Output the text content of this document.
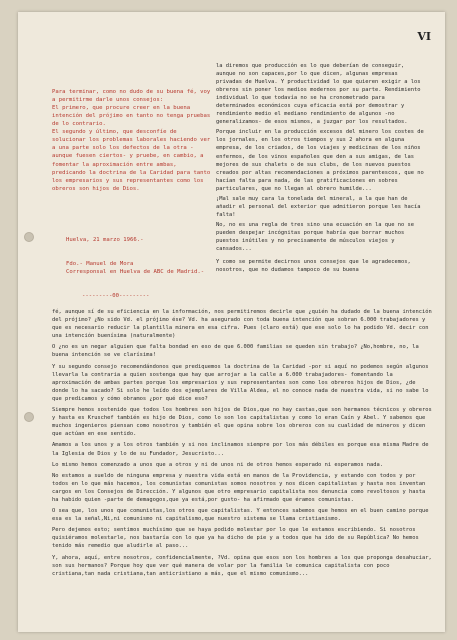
VI

Para terminar, como no dudo de su buena fé, voy a permitirme darle unos consejos:
El primero, que procure creer en la buena intención del prójimo en tanto no tenga pruebas de lo contrario.
El segundo y último, que desconfíe de solucionar los problemas laborales haciendo ver a una parte solo los defectos de la otra -aunque fuesen ciertos- y pruebe, en cambio, a fomentar la aproximación entre ambas, predicando la doctrina de la Caridad para tanto los empresarios y sus representantes como los obreros son hijos de Dios.

Huelva, 21 marzo 1966.-

Fdo.- Manuel de Mora
Corresponsal en Huelva de ABC de Madrid.-

---------00---------

la diremos que producción es lo que deberían de conseguir, aunque no son capaces,por lo que dicen, algunas empresas privadas de Huelva. Y productividad lo que quieren exigir a los obreros sin poner los medios modernos por su parte. Rendimiento individual lo que todavía no se ha cronometrado para determinados económicos cuya eficacia está por demostrar y rendimiento medio el mediano rendimiento de algunos -no generalizamos- de esos mismos, a juzgar por los resultados.

Porque incluir en la producción excesos del minero los costes de los jornales, en los otros tiempos y sus 2 ahora en alguna empresa, de los criados, de los viajes y medicinas de los niños enfermos, de los vinos españoles que den a sus amigas, de las mejores de sus chalets o de sus clubs, de los nuevos puestos creados por altas recomendaciones a próximos parentescos, que no hacían falta para nada, de las gratificaciones en sobres particulares, que no llegan al obrero humilde...

¡Mal sale muy cara la tonelada del mineral, a la que han de añadir el personal del exterior que admitieron porque les hacía falta!

No, no es una regla de tres sino una ecuación en la que no se pueden despejar incógnitas porque habría que borrar muchos puestos inútiles y no precisamente de músculos viejos y cansados...

Y como se permite decirnos unos consejos que le agradecemos, nosotros, que no dudamos tampoco de su buena

fé, aunque sí de su eficiencia en la información, nos permitiremos decirle que ¿quién ha dudado de la buena intención del prójimo? ¿No sido Vd. el prójimo ése? Vd. ha asegurado con toda buena intención que sobran 6.000 trabajadores y que es necesario reducir la plantilla minera en esa cifra. Pues (claro está) que ese solo lo ha podido Vd. decir con una intención buenísima (naturalmente)

O ¿no es un negar alguien que falta bondad en eso de que 6.000 familias se queden sin trabajo? ¿No,hombre, no, la buena intención se ve clarísima!

Y su segundo consejo recomendándonos que prediquemos la doctrina de la Caridad -por si aquí no podemos según algunos llevarla la contraria a quien sostenga que hay que arrojar a la calle a 6.000 trabajadores- fomentando la aproximación de ambas partes porque los empresarios y sus representantes son como los obreros hijos de Dios, ¿de donde lo ha sacado? Si solo he leído dos ejemplares de Villa Aldea, el no conoce nada de nuestra vida, si no sabe lo que predicamos y cómo obramos ¿por qué dice eso?

Siempre hemos sostenido que todos los hombres son hijos de Dios,que no hay castas,que son hermanos técnicos y obreros y hasta es Kruschef también es hijo de Dios, como lo son los capitalistas y como lo eran Caín y Abel. Y sabemos que muchos ingenieros piensan como nosotros y también el que opina sobre los obreros con su cualidad de mineros y dicen que actúan en ese sentido.

Amamos a los unos y a los otros también y si nos inclinamos siempre por los más débiles es porque esa misma Madre de la Iglesia de Dios y lo de su Fundador, Jesucristo...

Lo mismo hemos comenzado a unos que a otros y ni de unos ni de otros hemos esperado ni esperamos nada.

No estamos a sueldo de ninguna empresa y nuestra vida está en manos de la Providencia, y estando con todos y por todos en lo que más hacemos, los comunistas comunistas somos nosotros y nos dicen capitalistas y hasta nos inventan cargos en los Consejos de Dirección. Y algunos que otro empresario capitalista nos denuncia como revoltosos y hasta ha habido quien -parte de demagogos,que ya está,por gusto- ha afirmado que éramos comunistas.

O sea que, los unos que comunistas,los otros que capitalistas. Y entonces sabemos que hemos en el buen camino porque esa es la señal,Ni,ni comunismo ni capitalismo,que nuestro sistema se llama cristianismo.

Pero dejemos esto; sentimos muchísimo que se haya podido molestar por lo que le estamos escribiendo. Si nosotros quisiéramos molestarle, nos bastaría con lo que ya ha dicho de pie y a todos que ha ido de su República? No hemos tenido más remedio que aludirle al paso...

Y, ahora, aquí, entre nosotros, confidencialmente, ?Vd. opina que esos son los hombres a los que proponga desahuciar, son sus hermanos? Porque hoy que ver qué manera de volar por la familia le comunica capitalista con poco cristiana,tan nada cristiana,tan anticristiano a más, que el mismo comunismo...
